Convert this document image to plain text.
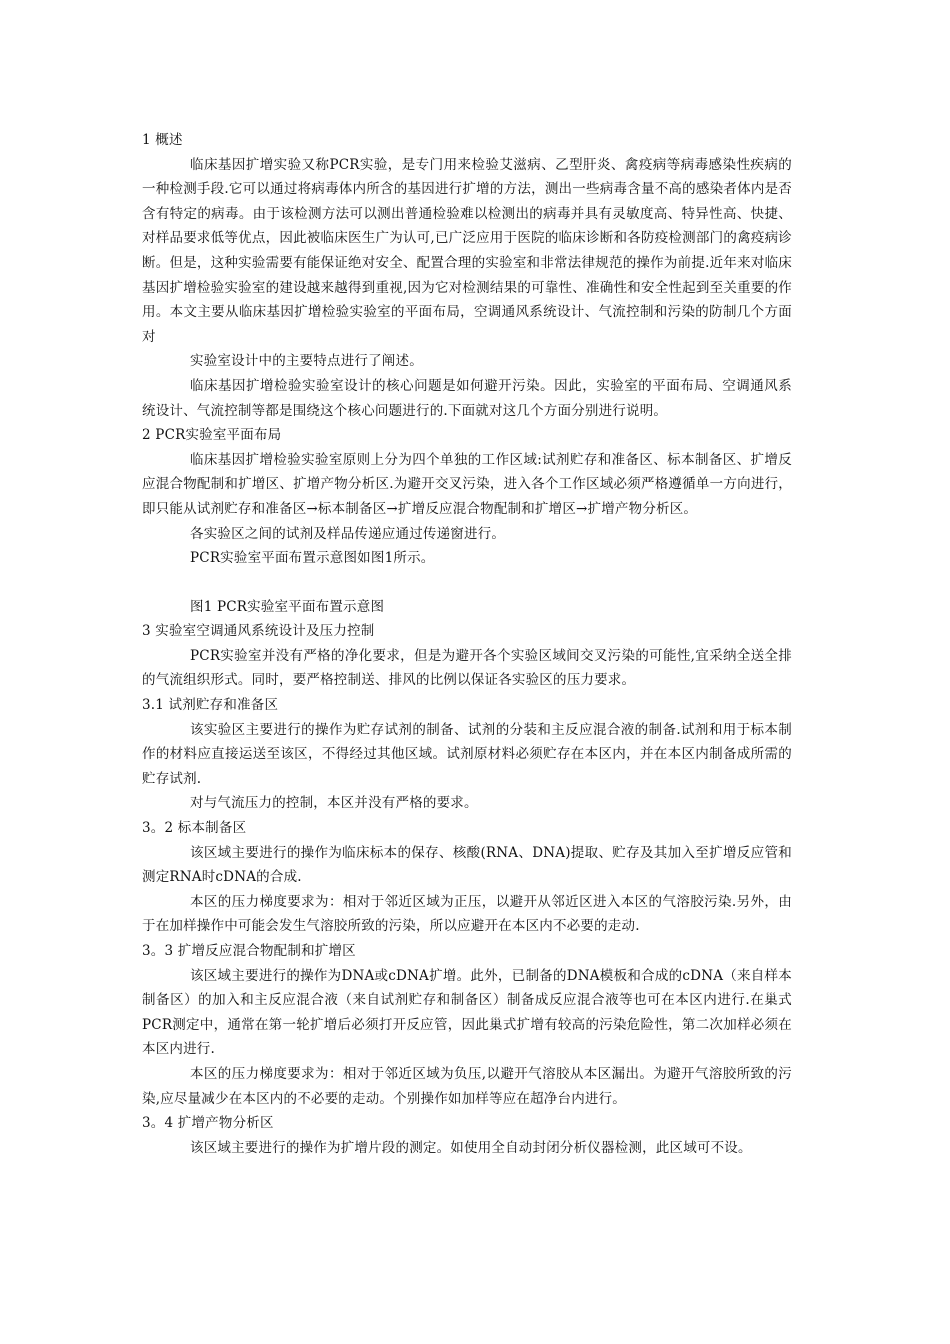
1 概述

临床基因扩增实验又称PCR实验，是专门用来检验艾滋病、乙型肝炎、禽疫病等病毒感染性疾病的一种检测手段.它可以通过将病毒体内所含的基因进行扩增的方法，测出一些病毒含量不高的感染者体内是否含有特定的病毒。由于该检测方法可以测出普通检验难以检测出的病毒并具有灵敏度高、特异性高、快捷、对样品要求低等优点，因此被临床医生广为认可,已广泛应用于医院的临床诊断和各防疫检测部门的禽疫病诊断。但是，这种实验需要有能保证绝对安全、配置合理的实验室和非常法律规范的操作为前提.近年来对临床基因扩增检验实验室的建设越来越得到重视,因为它对检测结果的可靠性、准确性和安全性起到至关重要的作用。本文主要从临床基因扩增检验实验室的平面布局，空调通风系统设计、气流控制和污染的防制几个方面对

实验室设计中的主要特点进行了阐述。

临床基因扩增检验实验室设计的核心问题是如何避开污染。因此，实验室的平面布局、空调通风系统设计、气流控制等都是围绕这个核心问题进行的.下面就对这几个方面分别进行说明。

2 PCR实验室平面布局

临床基因扩增检验实验室原则上分为四个单独的工作区域:试剂贮存和准备区、标本制备区、扩增反应混合物配制和扩增区、扩增产物分析区.为避开交叉污染，进入各个工作区域必须严格遵循单一方向进行，即只能从试剂贮存和准备区→标本制备区→扩增反应混合物配制和扩增区→扩增产物分析区。

各实验区之间的试剂及样品传递应通过传递窗进行。

PCR实验室平面布置示意图如图1所示。

图1 PCR实验室平面布置示意图

3 实验室空调通风系统设计及压力控制

PCR实验室并没有严格的净化要求，但是为避开各个实验区域间交叉污染的可能性,宜采纳全送全排的气流组织形式。同时，要严格控制送、排风的比例以保证各实验区的压力要求。

3.1 试剂贮存和准备区

该实验区主要进行的操作为贮存试剂的制备、试剂的分装和主反应混合液的制备.试剂和用于标本制作的材料应直接运送至该区，不得经过其他区域。试剂原材料必须贮存在本区内，并在本区内制备成所需的贮存试剂.

对与气流压力的控制，本区并没有严格的要求。

3。2 标本制备区

该区域主要进行的操作为临床标本的保存、核酸(RNA、DNA)提取、贮存及其加入至扩增反应管和测定RNA时cDNA的合成.

本区的压力梯度要求为：相对于邻近区域为正压，以避开从邻近区进入本区的气溶胶污染.另外，由于在加样操作中可能会发生气溶胶所致的污染，所以应避开在本区内不必要的走动.

3。3 扩增反应混合物配制和扩增区

该区域主要进行的操作为DNA或cDNA扩增。此外，已制备的DNA模板和合成的cDNA（来自样本制备区）的加入和主反应混合液（来自试剂贮存和制备区）制备成反应混合液等也可在本区内进行.在巢式PCR测定中，通常在第一轮扩增后必须打开反应管，因此巢式扩增有较高的污染危险性，第二次加样必须在本区内进行.

本区的压力梯度要求为：相对于邻近区域为负压,以避开气溶胶从本区漏出。为避开气溶胶所致的污染,应尽量减少在本区内的不必要的走动。个别操作如加样等应在超净台内进行。

3。4 扩增产物分析区

该区域主要进行的操作为扩增片段的测定。如使用全自动封闭分析仪器检测，此区域可不设。
